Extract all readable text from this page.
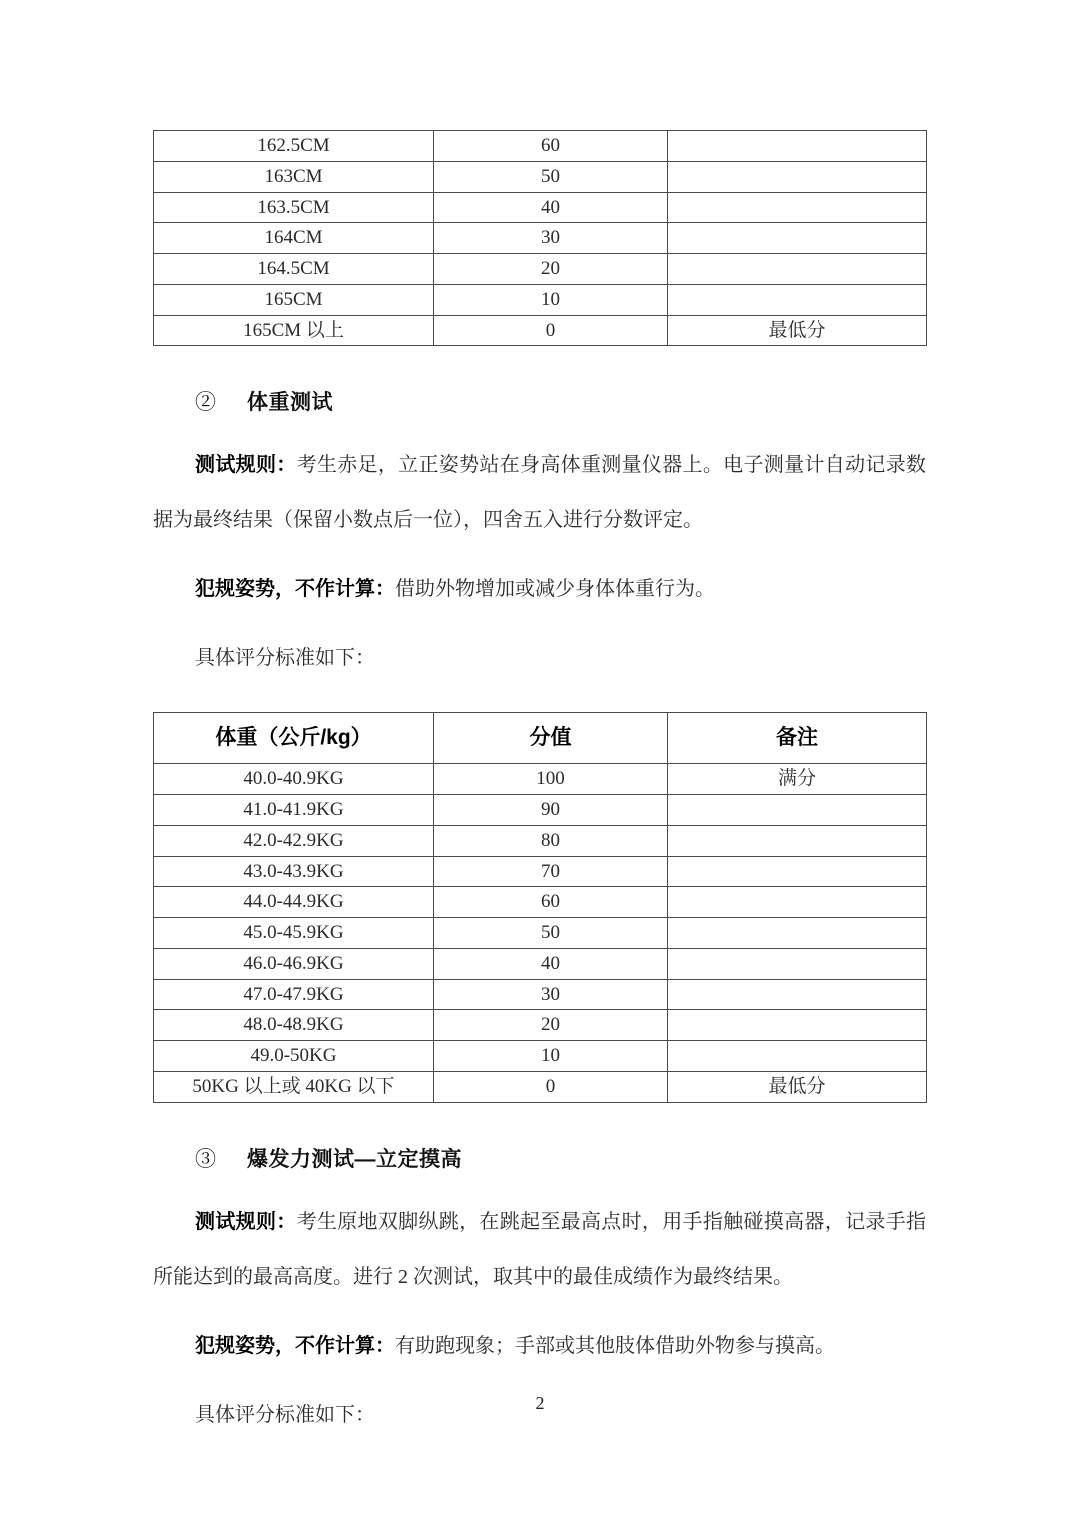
162.5CM	60	
163CM	50	
163.5CM	40	
164CM	30	
164.5CM	20	
165CM	10	
165CM 以上	0	最低分
② 体重测试

测试规则：考生赤足，立正姿势站在身高体重测量仪器上。电子测量计自动记录数据为最终结果（保留小数点后一位），四舍五入进行分数评定。

犯规姿势，不作计算：借助外物增加或减少身体体重行为。

具体评分标准如下：

体重（公斤/kg）	分值	备注
40.0-40.9KG	100	满分
41.0-41.9KG	90	
42.0-42.9KG	80	
43.0-43.9KG	70	
44.0-44.9KG	60	
45.0-45.9KG	50	
46.0-46.9KG	40	
47.0-47.9KG	30	
48.0-48.9KG	20	
49.0-50KG	10	
50KG 以上或 40KG 以下	0	最低分
③ 爆发力测试—立定摸高

测试规则：考生原地双脚纵跳，在跳起至最高点时，用手指触碰摸高器，记录手指所能达到的最高高度。进行 2 次测试，取其中的最佳成绩作为最终结果。

犯规姿势，不作计算：有助跑现象；手部或其他肢体借助外物参与摸高。

具体评分标准如下：

2
